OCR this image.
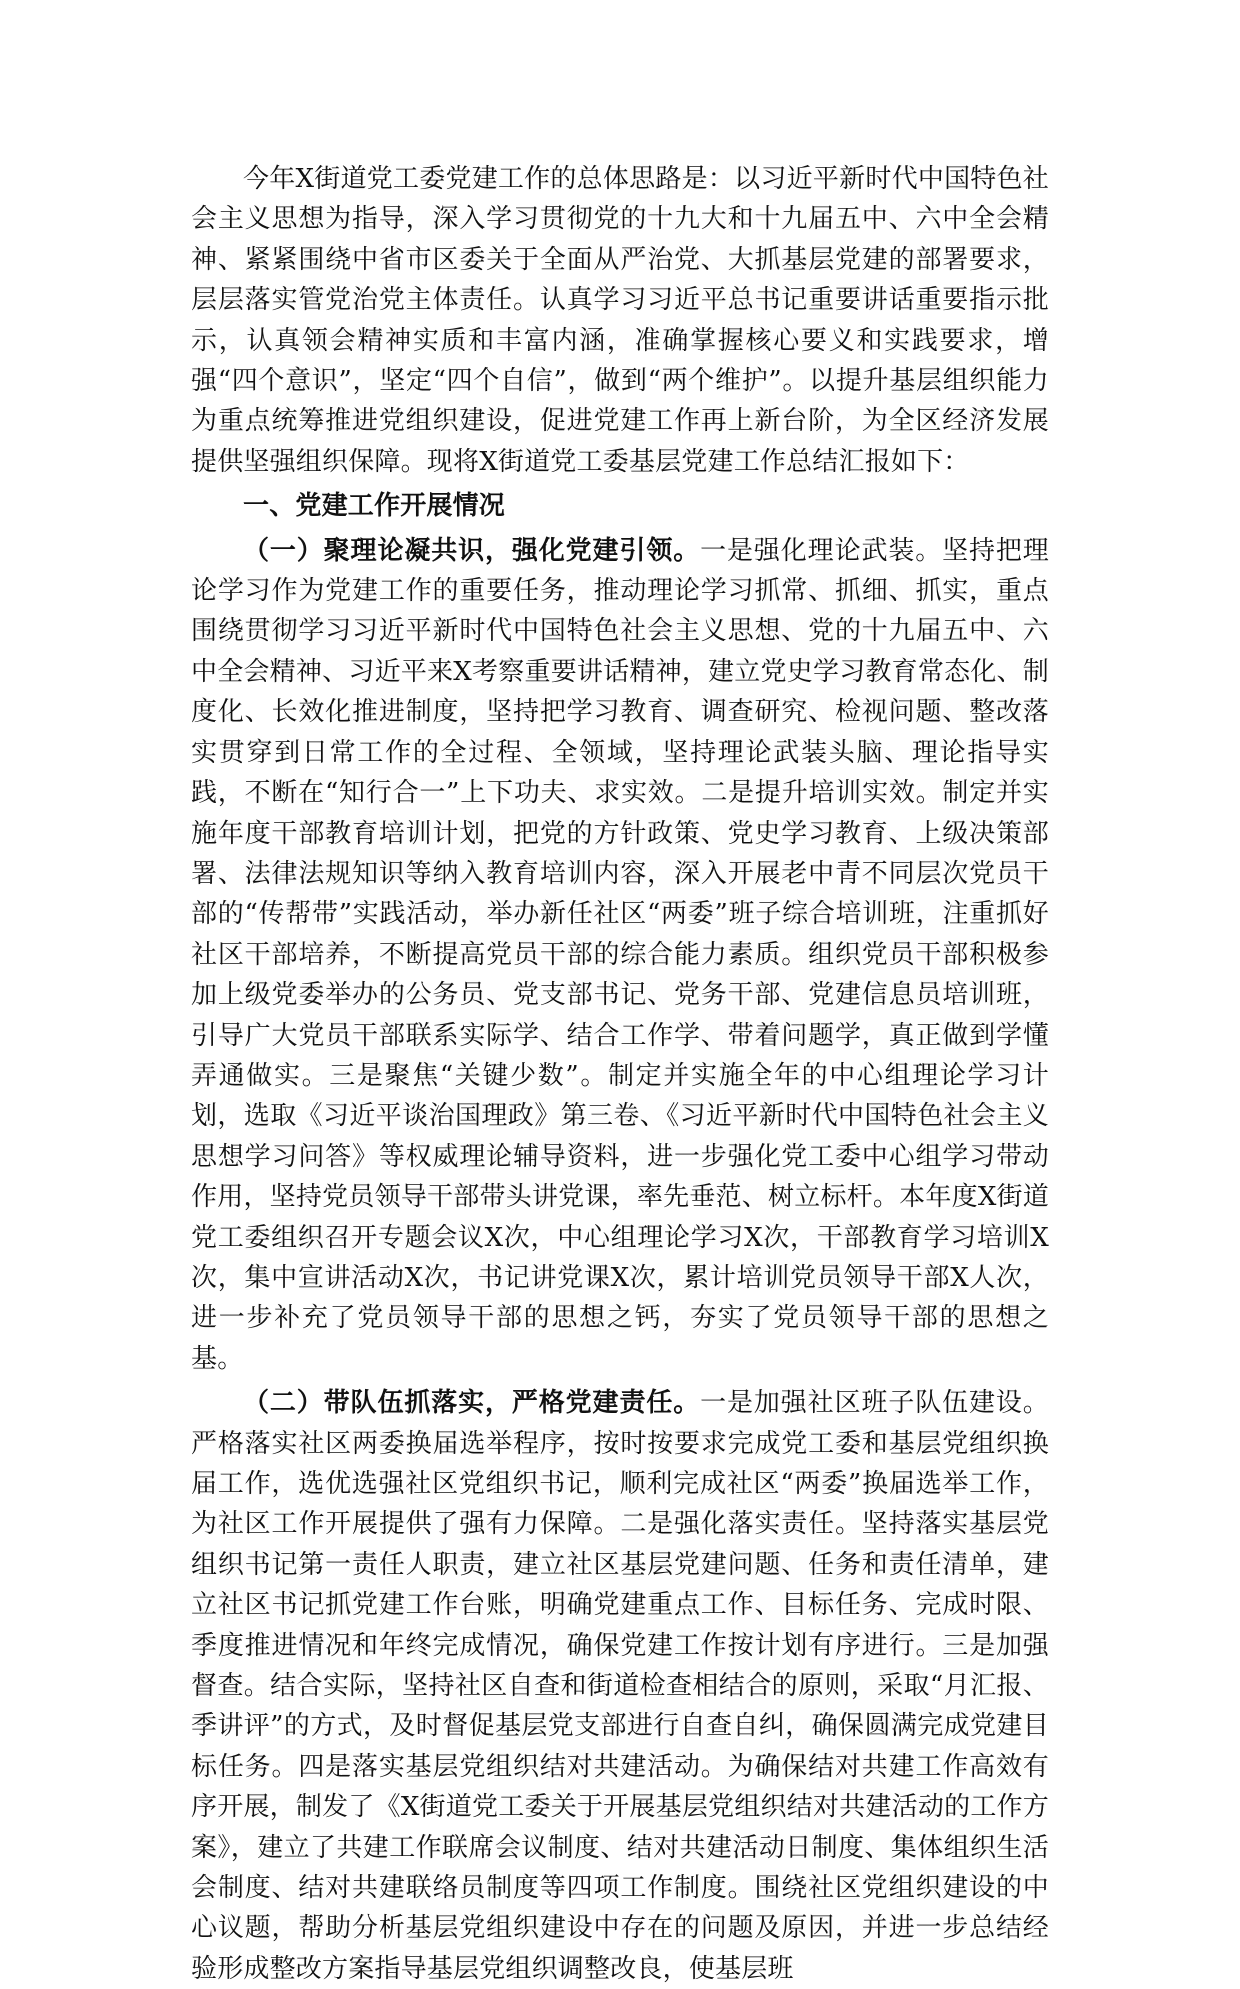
今年X街道党工委党建工作的总体思路是：以习近平新时代中国特色社会主义思想为指导，深入学习贯彻党的十九大和十九届五中、六中全会精神、紧紧围绕中省市区委关于全面从严治党、大抓基层党建的部署要求，层层落实管党治党主体责任。认真学习习近平总书记重要讲话重要指示批示，认真领会精神实质和丰富内涵，准确掌握核心要义和实践要求，增强“四个意识”，坚定“四个自信”，做到“两个维护”。以提升基层组织能力为重点统筹推进党组织建设，促进党建工作再上新台阶，为全区经济发展提供坚强组织保障。现将X街道党工委基层党建工作总结汇报如下：

一、党建工作开展情况

（一）聚理论凝共识，强化党建引领。一是强化理论武装。坚持把理论学习作为党建工作的重要任务，推动理论学习抓常、抓细、抓实，重点围绕贯彻学习习近平新时代中国特色社会主义思想、党的十九届五中、六中全会精神、习近平来X考察重要讲话精神，建立党史学习教育常态化、制度化、长效化推进制度，坚持把学习教育、调查研究、检视问题、整改落实贯穿到日常工作的全过程、全领域，坚持理论武装头脑、理论指导实践，不断在“知行合一”上下功夫、求实效。二是提升培训实效。制定并实施年度干部教育培训计划，把党的方针政策、党史学习教育、上级决策部署、法律法规知识等纳入教育培训内容，深入开展老中青不同层次党员干部的“传帮带”实践活动，举办新任社区“两委”班子综合培训班，注重抓好社区干部培养，不断提高党员干部的综合能力素质。组织党员干部积极参加上级党委举办的公务员、党支部书记、党务干部、党建信息员培训班，引导广大党员干部联系实际学、结合工作学、带着问题学，真正做到学懂弄通做实。三是聚焦“关键少数”。制定并实施全年的中心组理论学习计划，选取《习近平谈治国理政》第三卷、《习近平新时代中国特色社会主义思想学习问答》等权威理论辅导资料，进一步强化党工委中心组学习带动作用，坚持党员领导干部带头讲党课，率先垂范、树立标杆。本年度X街道党工委组织召开专题会议X次，中心组理论学习X次，干部教育学习培训X次，集中宣讲活动X次，书记讲党课X次，累计培训党员领导干部X人次，进一步补充了党员领导干部的思想之钙，夯实了党员领导干部的思想之基。

（二）带队伍抓落实，严格党建责任。一是加强社区班子队伍建设。严格落实社区两委换届选举程序，按时按要求完成党工委和基层党组织换届工作，选优选强社区党组织书记，顺利完成社区“两委”换届选举工作，为社区工作开展提供了强有力保障。二是强化落实责任。坚持落实基层党组织书记第一责任人职责，建立社区基层党建问题、任务和责任清单，建立社区书记抓党建工作台账，明确党建重点工作、目标任务、完成时限、季度推进情况和年终完成情况，确保党建工作按计划有序进行。三是加强督查。结合实际，坚持社区自查和街道检查相结合的原则，采取“月汇报、季讲评”的方式，及时督促基层党支部进行自查自纠，确保圆满完成党建目标任务。四是落实基层党组织结对共建活动。为确保结对共建工作高效有序开展，制发了《X街道党工委关于开展基层党组织结对共建活动的工作方案》，建立了共建工作联席会议制度、结对共建活动日制度、集体组织生活会制度、结对共建联络员制度等四项工作制度。围绕社区党组织建设的中心议题，帮助分析基层党组织建设中存在的问题及原因，并进一步总结经验形成整改方案指导基层党组织调整改良，使基层班
